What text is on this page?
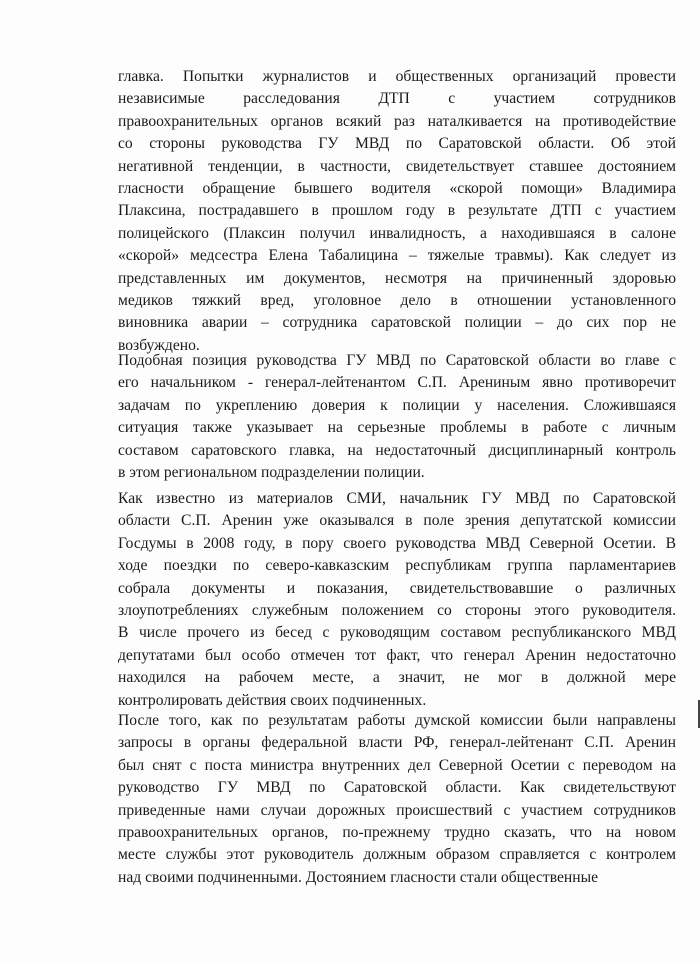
главка. Попытки журналистов и общественных организаций провести
независимые расследования ДТП с участием сотрудников
правоохранительных органов всякий раз наталкивается на противодействие
со стороны руководства ГУ МВД по Саратовской области. Об этой
негативной тенденции, в частности, свидетельствует ставшее достоянием
гласности обращение бывшего водителя «скорой помощи» Владимира
Плаксина, пострадавшего в прошлом году в результате ДТП с участием
полицейского (Плаксин получил инвалидность, а находившаяся в салоне
«скорой» медсестра Елена Табалицина – тяжелые травмы). Как следует из
представленных им документов, несмотря на причиненный здоровью
медиков тяжкий вред, уголовное дело в отношении установленного
виновника аварии – сотрудника саратовской полиции – до сих пор не
возбуждено.
Подобная позиция руководства ГУ МВД по Саратовской области во главе с
его начальником - генерал-лейтенантом С.П. Арениным явно противоречит
задачам по укреплению доверия к полиции у населения. Сложившаяся
ситуация также указывает на серьезные проблемы в работе с личным
составом саратовского главка, на недостаточный дисциплинарный контроль
в этом региональном подразделении полиции.
Как известно из материалов СМИ, начальник ГУ МВД по Саратовской
области С.П. Аренин уже оказывался в поле зрения депутатской комиссии
Госдумы в 2008 году, в пору своего руководства МВД Северной Осетии. В
ходе поездки по северо-кавказским республикам группа парламентариев
собрала документы и показания, свидетельствовавшие о различных
злоупотреблениях служебным положением со стороны этого руководителя.
В числе прочего из бесед с руководящим составом республиканского МВД
депутатами был особо отмечен тот факт, что генерал Аренин недостаточно
находился на рабочем месте, а значит, не мог в должной мере
контролировать действия своих подчиненных.
После того, как по результатам работы думской комиссии были направлены
запросы в органы федеральной власти РФ, генерал-лейтенант С.П. Аренин
был снят с поста министра внутренних дел Северной Осетии с переводом на
руководство ГУ МВД по Саратовской области. Как свидетельствуют
приведенные нами случаи дорожных происшествий с участием сотрудников
правоохранительных органов, по-прежнему трудно сказать, что на новом
месте службы этот руководитель должным образом справляется с контролем
над своими подчиненными. Достоянием гласности стали общественные
